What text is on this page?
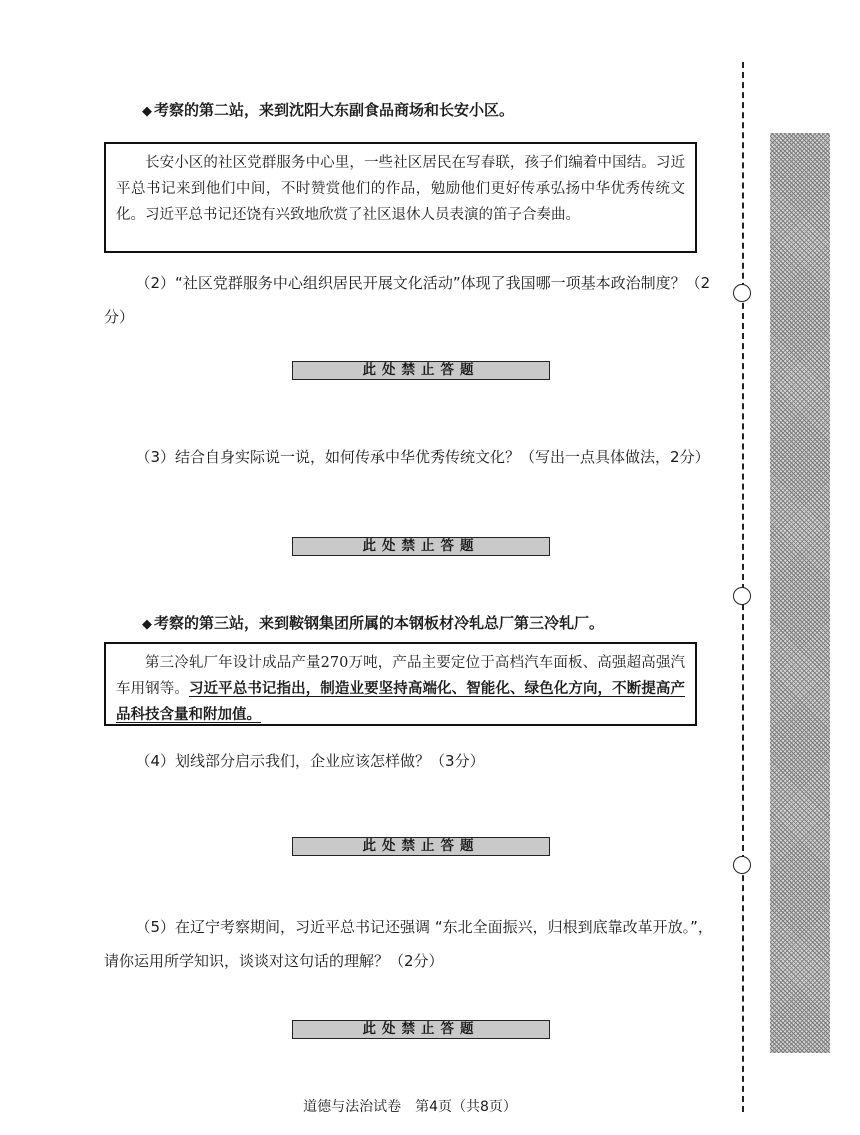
◆ 考察的第二站，来到沈阳大东副食品商场和长安小区。

长安小区的社区党群服务中心里，一些社区居民在写春联，孩子们编着中国结。习近平总书记来到他们中间，不时赞赏他们的作品，勉励他们更好传承弘扬中华优秀传统文化。习近平总书记还饶有兴致地欣赏了社区退休人员表演的笛子合奏曲。

（2）“社区党群服务中心组织居民开展文化活动”体现了我国哪一项基本政治制度？（2分）

此处禁止答题

（3）结合自身实际说一说，如何传承中华优秀传统文化？（写出一点具体做法，2分）

此处禁止答题
◆ 考察的第三站，来到鞍钢集团所属的本钢板材冷轧总厂第三冷轧厂。

第三冷轧厂年设计成品产量270万吨，产品主要定位于高档汽车面板、高强超高强汽车用钢等。习近平总书记指出，制造业要坚持高端化、智能化、绿色化方向，不断提高产品科技含量和附加值。

（4）划线部分启示我们，企业应该怎样做？（3分）

此处禁止答题

（5）在辽宁考察期间，习近平总书记还强调 “东北全面振兴，归根到底靠改革开放。”，请你运用所学知识，谈谈对这句话的理解？（2分）

此处禁止答题
道德与法治试卷　第4页（共8页）
